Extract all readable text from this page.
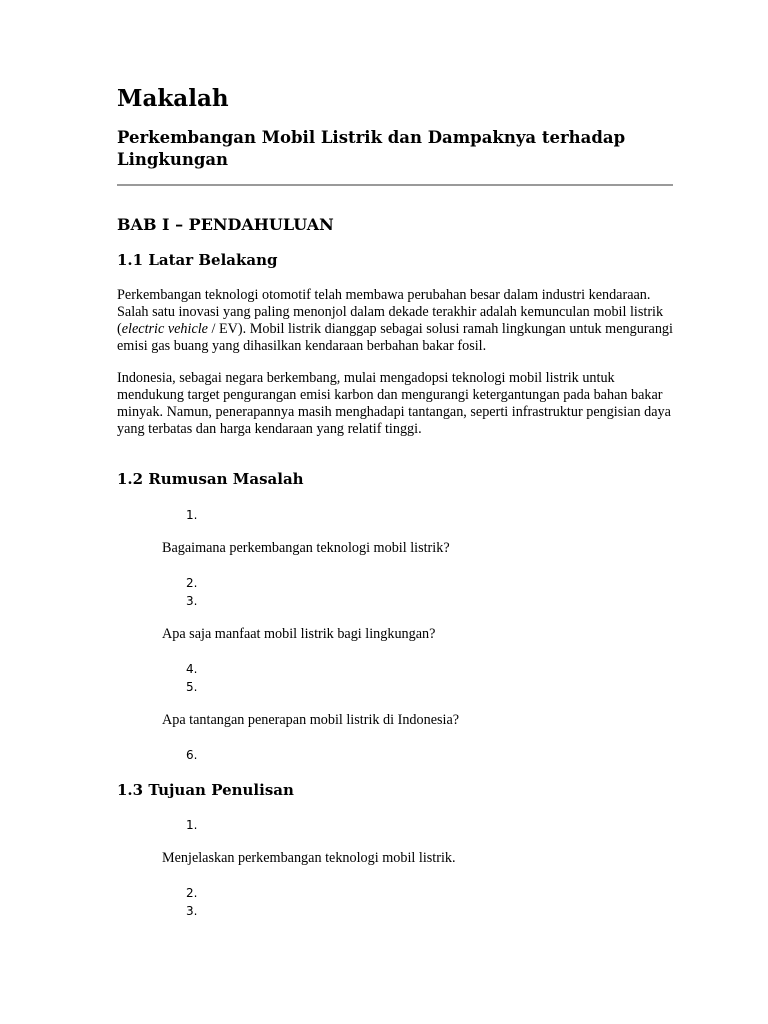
Makalah
Perkembangan Mobil Listrik dan Dampaknya terhadap Lingkungan
BAB I – PENDAHULUAN
1.1 Latar Belakang

Perkembangan teknologi otomotif telah membawa perubahan besar dalam industri kendaraan. Salah satu inovasi yang paling menonjol dalam dekade terakhir adalah kemunculan mobil listrik (electric vehicle / EV). Mobil listrik dianggap sebagai solusi ramah lingkungan untuk mengurangi emisi gas buang yang dihasilkan kendaraan berbahan bakar fosil.

Indonesia, sebagai negara berkembang, mulai mengadopsi teknologi mobil listrik untuk mendukung target pengurangan emisi karbon dan mengurangi ketergantungan pada bahan bakar minyak. Namun, penerapannya masih menghadapi tantangan, seperti infrastruktur pengisian daya yang terbatas dan harga kendaraan yang relatif tinggi.

1.2 Rumusan Masalah
1.
Bagaimana perkembangan teknologi mobil listrik?
2.
3.
Apa saja manfaat mobil listrik bagi lingkungan?
4.
5.
Apa tantangan penerapan mobil listrik di Indonesia?
6.
1.3 Tujuan Penulisan
1.
Menjelaskan perkembangan teknologi mobil listrik.
2.
3.
